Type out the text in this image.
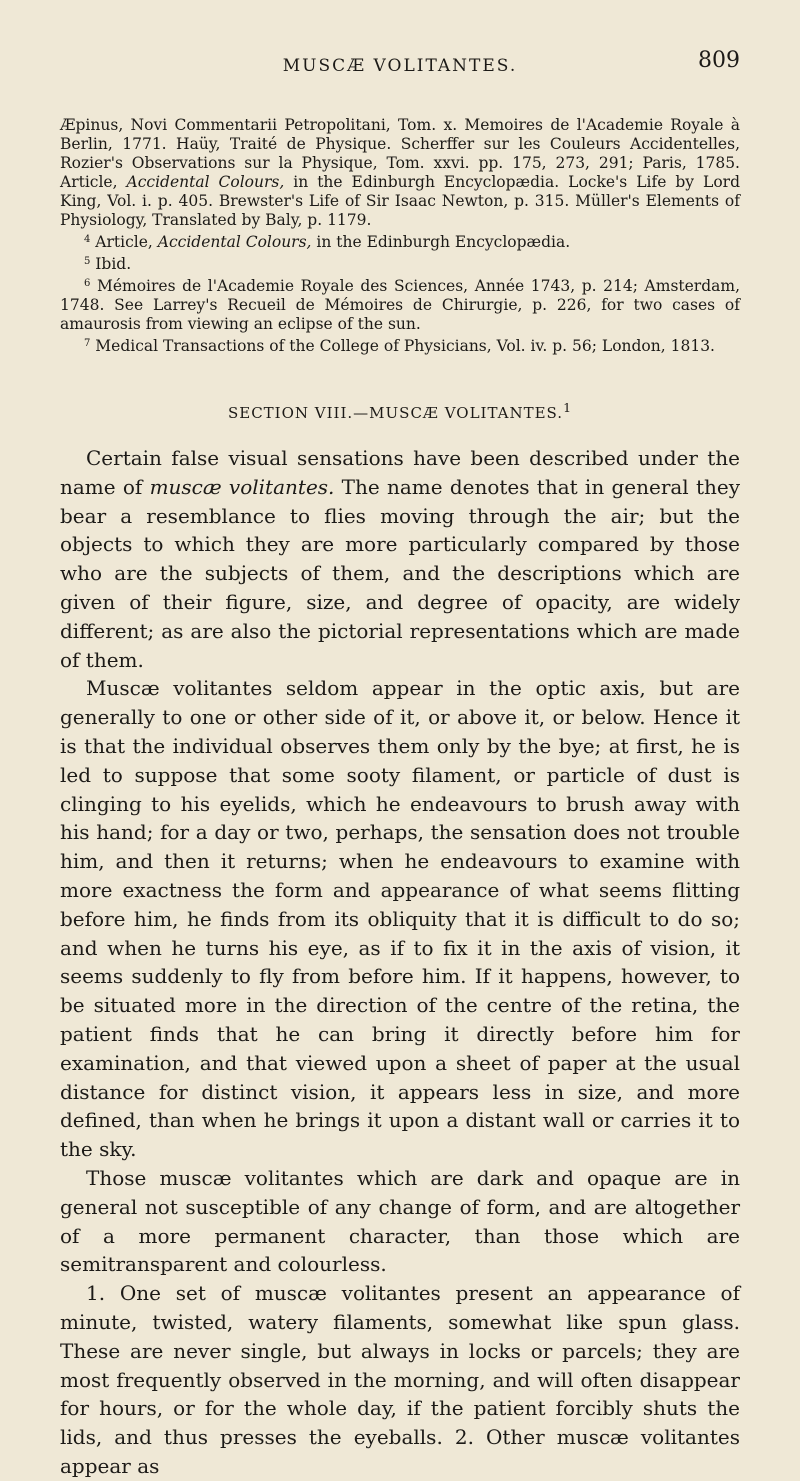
MUSCÆ VOLITANTES.	809

Æpinus, Novi Commentarii Petropolitani, Tom. x. Memoires de l'Academie Royale à Berlin, 1771. Haüy, Traité de Physique. Scherffer sur les Couleurs Accidentelles, Rozier's Observations sur la Physique, Tom. xxvi. pp. 175, 273, 291; Paris, 1785. Article, Accidental Colours, in the Edinburgh Encyclopædia. Locke's Life by Lord King, Vol. i. p. 405. Brewster's Life of Sir Isaac Newton, p. 315. Müller's Elements of Physiology, Translated by Baly, p. 1179.

$^4$ Article, Accidental Colours, in the Edinburgh Encyclopædia.

$^5$ Ibid.

$^6$ Mémoires de l'Academie Royale des Sciences, Année 1743, p. 214; Amsterdam, 1748. See Larrey's Recueil de Mémoires de Chirurgie, p. 226, for two cases of amaurosis from viewing an eclipse of the sun.

$^7$ Medical Transactions of the College of Physicians, Vol. iv. p. 56; London, 1813.

SECTION VIII.—MUSCÆ VOLITANTES.$^1$

Certain false visual sensations have been described under the name of muscæ volitantes. The name denotes that in general they bear a resemblance to flies moving through the air; but the objects to which they are more particularly compared by those who are the subjects of them, and the descriptions which are given of their figure, size, and degree of opacity, are widely different; as are also the pictorial representations which are made of them.

Muscæ volitantes seldom appear in the optic axis, but are generally to one or other side of it, or above it, or below. Hence it is that the individual observes them only by the bye; at first, he is led to suppose that some sooty filament, or particle of dust is clinging to his eyelids, which he endeavours to brush away with his hand; for a day or two, perhaps, the sensation does not trouble him, and then it returns; when he endeavours to examine with more exactness the form and appearance of what seems flitting before him, he finds from its obliquity that it is difficult to do so; and when he turns his eye, as if to fix it in the axis of vision, it seems suddenly to fly from before him. If it happens, however, to be situated more in the direction of the centre of the retina, the patient finds that he can bring it directly before him for examination, and that viewed upon a sheet of paper at the usual distance for distinct vision, it appears less in size, and more defined, than when he brings it upon a distant wall or carries it to the sky.

Those muscæ volitantes which are dark and opaque are in general not susceptible of any change of form, and are altogether of a more permanent character, than those which are semitransparent and colourless.

1. One set of muscæ volitantes present an appearance of minute, twisted, watery filaments, somewhat like spun glass. These are never single, but always in locks or parcels; they are most frequently observed in the morning, and will often disappear for hours, or for the whole day, if the patient forcibly shuts the lids, and thus presses the eyeballs. 2. Other muscæ volitantes appear as
